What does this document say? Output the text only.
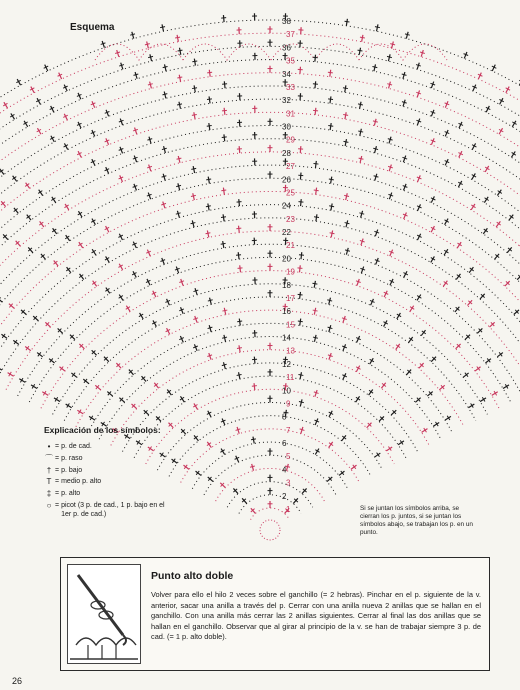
38
37
36
35
34
33
32
31
30
29
28
27
26
25
24
23
22
21
20
19
18
17
16
15
14
13
12
11
10
9
8
7
6
5
4
3
2
1
Esquema
Explicación de los símbolos:
• = p. de cad.
⌒ = p. raso
† = p. bajo
T = medio p. alto
‡ = p. alto
○ = picot (3 p. de cad., 1 p. bajo en el 1er p. de cad.)
Si se juntan los símbolos arriba, se cierran los p. juntos, si se juntan los símbolos abajo, se trabajan los p. en un punto.
Punto alto doble
Volver para ello el hilo 2 veces sobre el ganchillo (= 2 hebras). Pinchar en el p. siguiente de la v. anterior, sacar una anilla a través del p. Cerrar con una anilla nueva 2 anillas que se hallan en el ganchillo. Con una anilla más cerrar las 2 anillas siguientes. Cerrar al final las dos anillas que se hallan en el ganchillo. Observar que al girar al principio de la v. se han de trabajar siempre 3 p. de cad. (= 1 p. alto doble).
26
